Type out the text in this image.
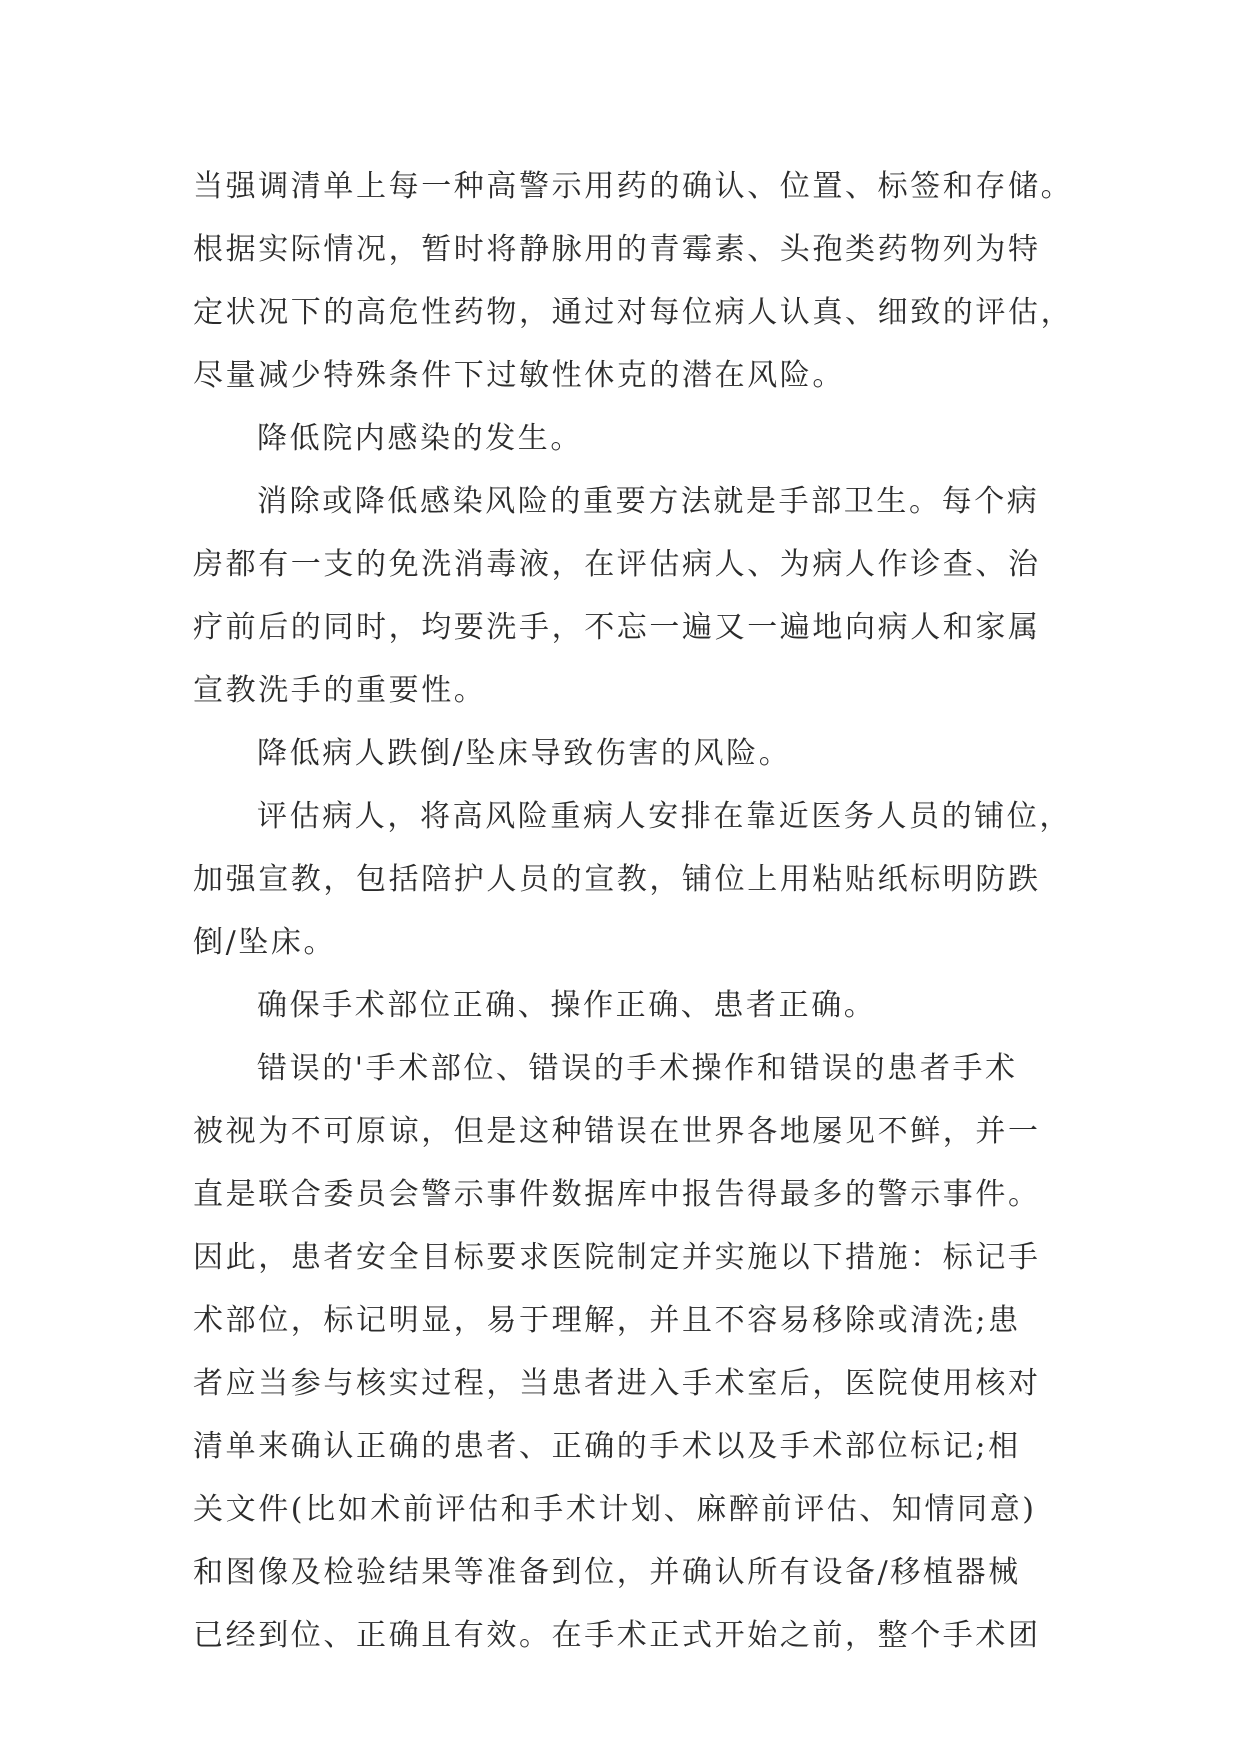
当强调清单上每一种高警示用药的确认、位置、标签和存储。
根据实际情况，暂时将静脉用的青霉素、头孢类药物列为特
定状况下的高危性药物，通过对每位病人认真、细致的评估，
尽量减少特殊条件下过敏性休克的潜在风险。
降低院内感染的发生。
消除或降低感染风险的重要方法就是手部卫生。每个病
房都有一支的免洗消毒液，在评估病人、为病人作诊查、治
疗前后的同时，均要洗手，不忘一遍又一遍地向病人和家属
宣教洗手的重要性。
降低病人跌倒/坠床导致伤害的风险。
评估病人，将高风险重病人安排在靠近医务人员的铺位，
加强宣教，包括陪护人员的宣教，铺位上用粘贴纸标明防跌
倒/坠床。
确保手术部位正确、操作正确、患者正确。
错误的'手术部位、错误的手术操作和错误的患者手术
被视为不可原谅，但是这种错误在世界各地屡见不鲜，并一
直是联合委员会警示事件数据库中报告得最多的警示事件。
因此，患者安全目标要求医院制定并实施以下措施：标记手
术部位，标记明显，易于理解，并且不容易移除或清洗;患
者应当参与核实过程，当患者进入手术室后，医院使用核对
清单来确认正确的患者、正确的手术以及手术部位标记;相
关文件(比如术前评估和手术计划、麻醉前评估、知情同意)
和图像及检验结果等准备到位，并确认所有设备/移植器械
已经到位、正确且有效。在手术正式开始之前，整个手术团
